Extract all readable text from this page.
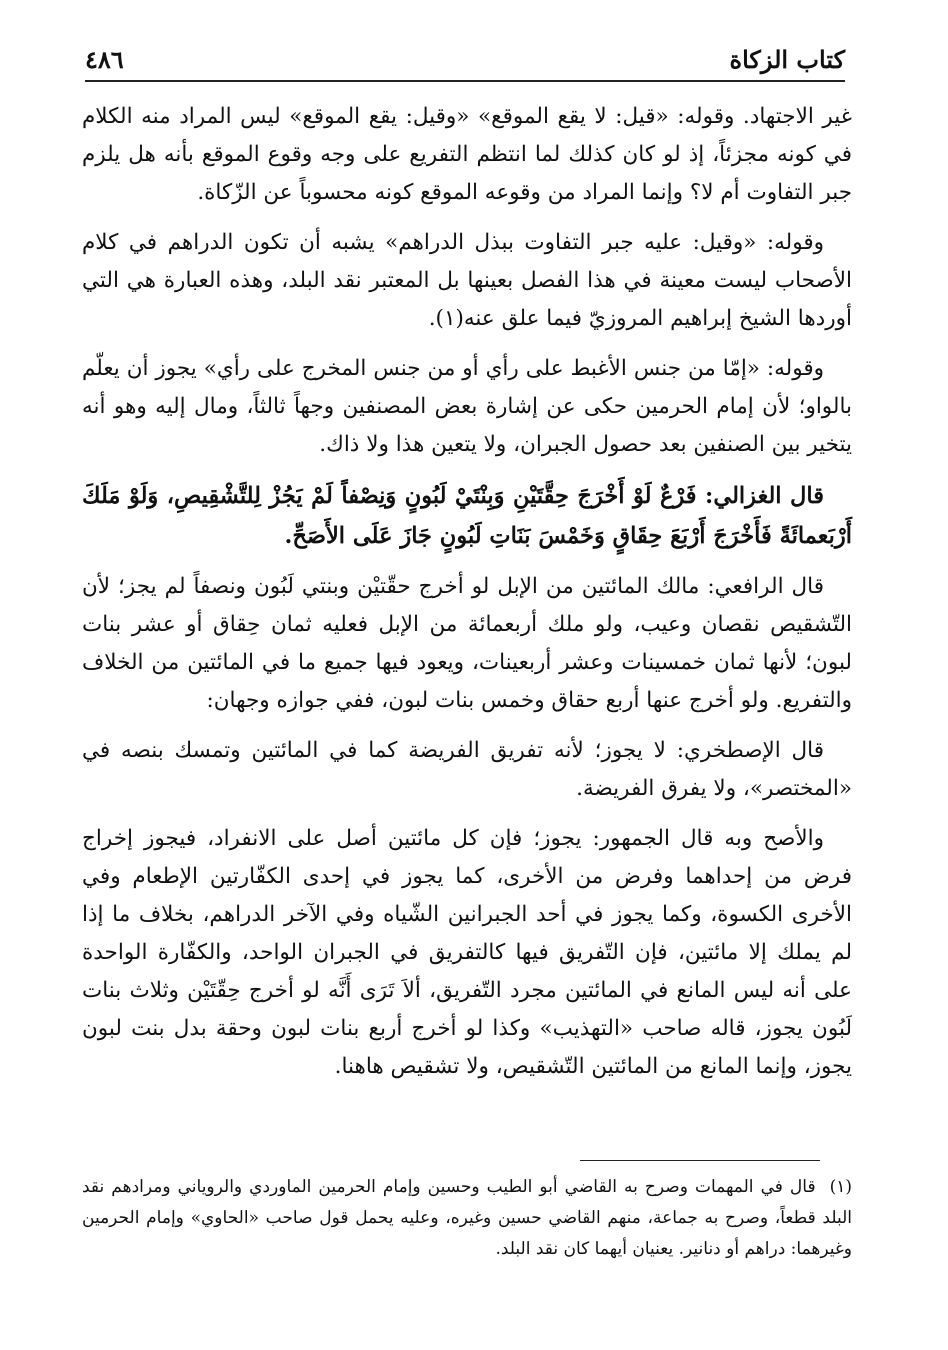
٤٨٦	كتاب الزكاة

غير الاجتهاد. وقوله: «قيل: لا يقع الموقع» «وقيل: يقع الموقع» ليس المراد منه الكلام في كونه مجزئاً، إذ لو كان كذلك لما انتظم التفريع على وجه وقوع الموقع بأنه هل يلزم جبر التفاوت أم لا؟ وإنما المراد من وقوعه الموقع كونه محسوباً عن الزّكاة.

وقوله: «وقيل: عليه جبر التفاوت ببذل الدراهم» يشبه أن تكون الدراهم في كلام الأصحاب ليست معينة في هذا الفصل بعينها بل المعتبر نقد البلد، وهذه العبارة هي التي أوردها الشيخ إبراهيم المروزيّ فيما علق عنه(١).

وقوله: «إمّا من جنس الأغبط على رأي أو من جنس المخرج على رأي» يجوز أن يعلّم بالواو؛ لأن إمام الحرمين حكى عن إشارة بعض المصنفين وجهاً ثالثاً، ومال إليه وهو أنه يتخير بين الصنفين بعد حصول الجبران، ولا يتعين هذا ولا ذاك.

قال الغزالي: فَرْعٌ لَوْ أَخْرَجَ حِقَّتَيْنِ وَبِنْتَيْ لَبُونٍ وَنِصْفاً لَمْ يَجُزْ لِلتَّشْقِيصِ، وَلَوْ مَلَكَ أَرْبَعمائَةً فَأَخْرَجَ أَرْبَعَ حِقَاقٍ وَخَمْسَ بَنَاتِ لَبُونٍ جَازَ عَلَى الأَصَحِّ.

قال الرافعي: مالك المائتين من الإبل لو أخرج حقّتيْن وبنتي لَبُون ونصفاً لم يجز؛ لأن التّشقيص نقصان وعيب، ولو ملك أربعمائة من الإبل فعليه ثمان حِقاق أو عشر بنات لبون؛ لأنها ثمان خمسينات وعشر أربعينات، ويعود فيها جميع ما في المائتين من الخلاف والتفريع. ولو أخرج عنها أربع حقاق وخمس بنات لبون، ففي جوازه وجهان:

قال الإصطخري: لا يجوز؛ لأنه تفريق الفريضة كما في المائتين وتمسك بنصه في «المختصر»، ولا يفرق الفريضة.

والأصح وبه قال الجمهور: يجوز؛ فإن كل مائتين أصل على الانفراد، فيجوز إخراج فرض من إحداهما وفرض من الأخرى، كما يجوز في إحدى الكفّارتين الإطعام وفي الأخرى الكسوة، وكما يجوز في أحد الجبرانين الشّياه وفي الآخر الدراهم، بخلاف ما إذا لم يملك إلا مائتين، فإن التّفريق فيها كالتفريق في الجبران الواحد، والكفّارة الواحدة على أنه ليس المانع في المائتين مجرد التّفريق، ألاَ تَرَى أَنَّه لو أخرج حِقّتَيْن وثلاث بنات لَبُون يجوز، قاله صاحب «التهذيب» وكذا لو أخرج أربع بنات لبون وحقة بدل بنت لبون يجوز، وإنما المانع من المائتين التّشقيص، ولا تشقيص هاهنا.

(١)قال في المهمات وصرح به القاضي أبو الطيب وحسين وإمام الحرمين الماوردي والروياني ومرادهم نقد البلد قطعاً، وصرح به جماعة، منهم القاضي حسين وغيره، وعليه يحمل قول صاحب «الحاوي» وإمام الحرمين وغيرهما: دراهم أو دنانير. يعنيان أيهما كان نقد البلد.
